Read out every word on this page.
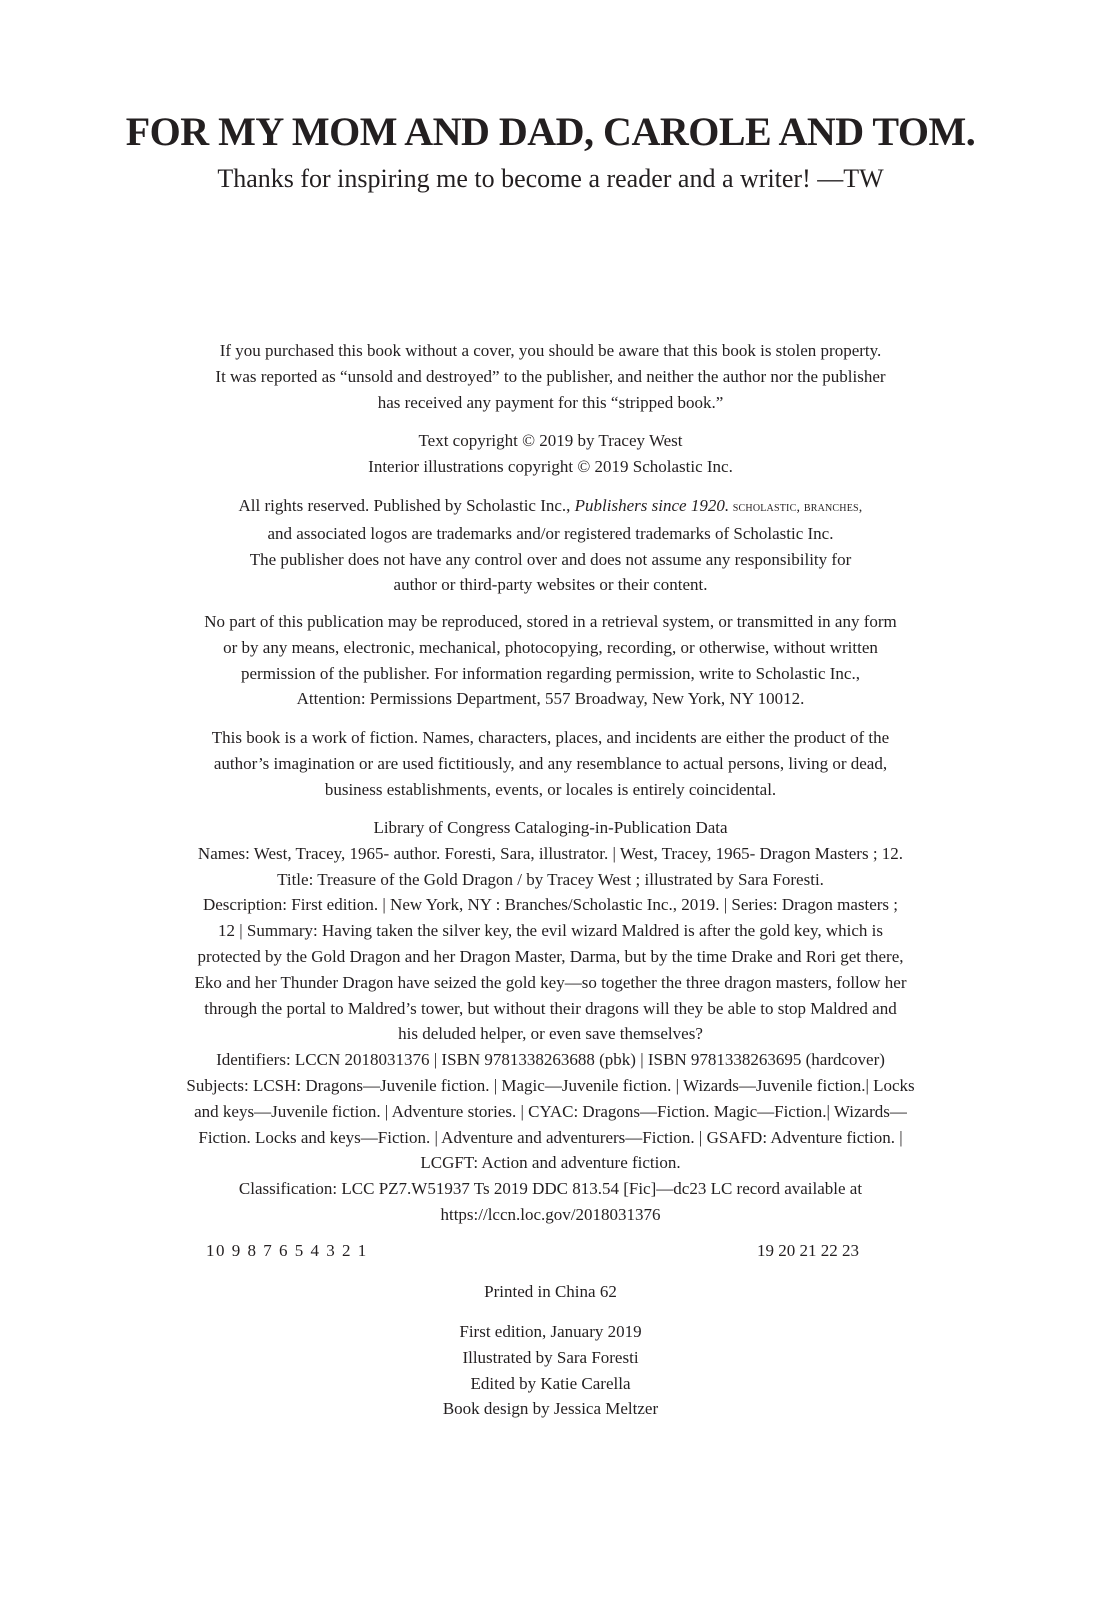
FOR MY MOM AND DAD, CAROLE AND TOM.

Thanks for inspiring me to become a reader and a writer! —TW

If you purchased this book without a cover, you should be aware that this book is stolen property.

It was reported as “unsold and destroyed” to the publisher, and neither the author nor the publisher

has received any payment for this “stripped book.”

Text copyright © 2019 by Tracey West

Interior illustrations copyright © 2019 Scholastic Inc.

All rights reserved. Published by Scholastic Inc., Publishers since 1920. scholastic, branches,

and associated logos are trademarks and/or registered trademarks of Scholastic Inc.

The publisher does not have any control over and does not assume any responsibility for

author or third-party websites or their content.

No part of this publication may be reproduced, stored in a retrieval system, or transmitted in any form

or by any means, electronic, mechanical, photocopying, recording, or otherwise, without written

permission of the publisher. For information regarding permission, write to Scholastic Inc.,

Attention: Permissions Department, 557 Broadway, New York, NY 10012.

This book is a work of fiction. Names, characters, places, and incidents are either the product of the

author’s imagination or are used fictitiously, and any resemblance to actual persons, living or dead,

business establishments, events, or locales is entirely coincidental.

Library of Congress Cataloging-in-Publication Data

Names: West, Tracey, 1965- author. Foresti, Sara, illustrator. | West, Tracey, 1965- Dragon Masters ; 12.

Title: Treasure of the Gold Dragon / by Tracey West ; illustrated by Sara Foresti.

Description: First edition. | New York, NY : Branches/Scholastic Inc., 2019. | Series: Dragon masters ;

12 | Summary: Having taken the silver key, the evil wizard Maldred is after the gold key, which is

protected by the Gold Dragon and her Dragon Master, Darma, but by the time Drake and Rori get there,

Eko and her Thunder Dragon have seized the gold key—so together the three dragon masters, follow her

through the portal to Maldred’s tower, but without their dragons will they be able to stop Maldred and

his deluded helper, or even save themselves?

Identifiers: LCCN 2018031376 | ISBN 9781338263688 (pbk) | ISBN 9781338263695 (hardcover)

Subjects: LCSH: Dragons—Juvenile fiction. | Magic—Juvenile fiction. | Wizards—Juvenile fiction.| Locks

and keys—Juvenile fiction. | Adventure stories. | CYAC: Dragons—Fiction. Magic—Fiction.| Wizards—

Fiction. Locks and keys—Fiction. | Adventure and adventurers—Fiction. | GSAFD: Adventure fiction. |

LCGFT: Action and adventure fiction.

Classification: LCC PZ7.W51937 Ts 2019 DDC 813.54 [Fic]—dc23 LC record available at

https://lccn.loc.gov/2018031376

10 9 8 7 6 5 4 3 2 1	19 20 21 22 23

Printed in China 62

First edition, January 2019

Illustrated by Sara Foresti

Edited by Katie Carella

Book design by Jessica Meltzer
